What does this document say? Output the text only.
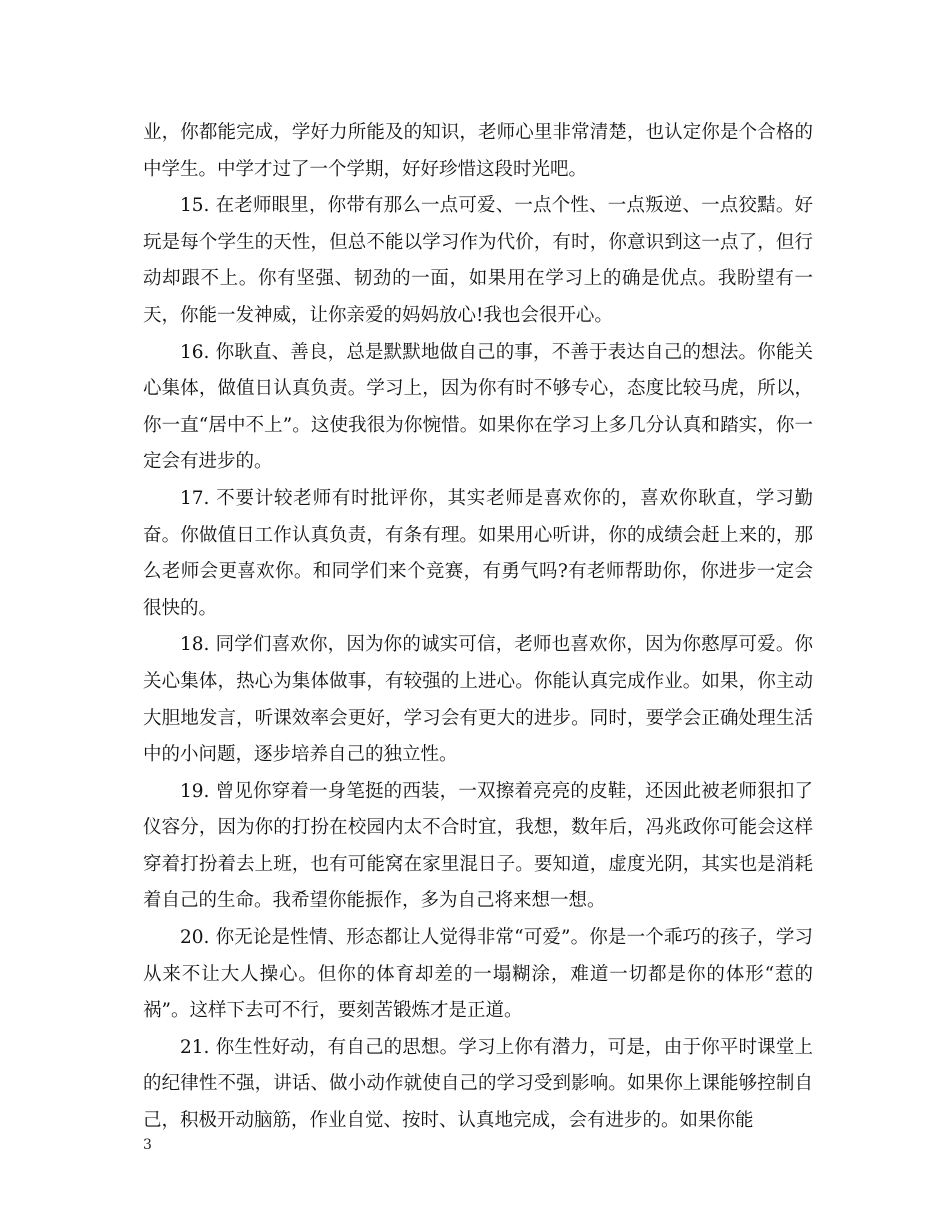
业，你都能完成，学好力所能及的知识，老师心里非常清楚，也认定你是个合格的中学生。中学才过了一个学期，好好珍惜这段时光吧。

15. 在老师眼里，你带有那么一点可爱、一点个性、一点叛逆、一点狡黠。好玩是每个学生的天性，但总不能以学习作为代价，有时，你意识到这一点了，但行动却跟不上。你有坚强、韧劲的一面，如果用在学习上的确是优点。我盼望有一天，你能一发神威，让你亲爱的妈妈放心!我也会很开心。

16. 你耿直、善良，总是默默地做自己的事，不善于表达自己的想法。你能关心集体，做值日认真负责。学习上，因为你有时不够专心，态度比较马虎，所以，你一直“居中不上”。这使我很为你惋惜。如果你在学习上多几分认真和踏实，你一定会有进步的。

17. 不要计较老师有时批评你，其实老师是喜欢你的，喜欢你耿直，学习勤奋。你做值日工作认真负责，有条有理。如果用心听讲，你的成绩会赶上来的，那么老师会更喜欢你。和同学们来个竞赛，有勇气吗?有老师帮助你，你进步一定会很快的。

18. 同学们喜欢你，因为你的诚实可信，老师也喜欢你，因为你憨厚可爱。你关心集体，热心为集体做事，有较强的上进心。你能认真完成作业。如果，你主动大胆地发言，听课效率会更好，学习会有更大的进步。同时，要学会正确处理生活中的小问题，逐步培养自己的独立性。

19. 曾见你穿着一身笔挺的西装，一双擦着亮亮的皮鞋，还因此被老师狠扣了仪容分，因为你的打扮在校园内太不合时宜，我想，数年后，冯兆政你可能会这样穿着打扮着去上班，也有可能窝在家里混日子。要知道，虚度光阴，其实也是消耗着自己的生命。我希望你能振作，多为自己将来想一想。

20. 你无论是性情、形态都让人觉得非常“可爱”。你是一个乖巧的孩子，学习从来不让大人操心。但你的体育却差的一塌糊涂，难道一切都是你的体形“惹的祸”。这样下去可不行，要刻苦锻炼才是正道。

21. 你生性好动，有自己的思想。学习上你有潜力，可是，由于你平时课堂上的纪律性不强，讲话、做小动作就使自己的学习受到影响。如果你上课能够控制自己，积极开动脑筋，作业自觉、按时、认真地完成，会有进步的。如果你能

3
